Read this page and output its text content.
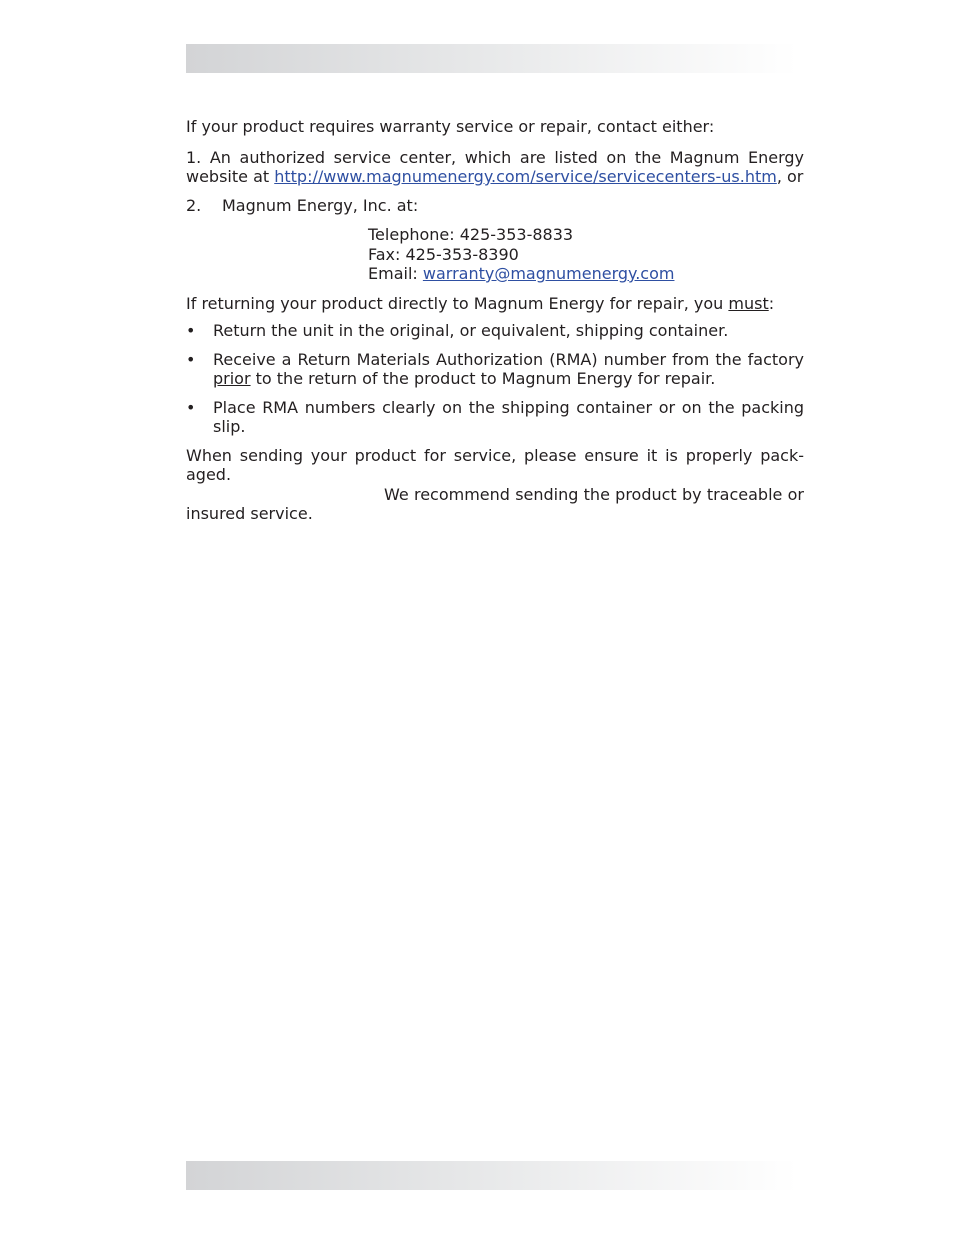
If your product requires warranty service or repair, contact either:

1. An authorized service center, which are listed on the Magnum Energy website at http://www.magnumenergy.com/service/servicecenters-us.htm, or

2. Magnum Energy, Inc. at:

Telephone: 425-353-8833

Fax: 425-353-8390

Email: warranty@magnumenergy.com

If returning your product directly to Magnum Energy for repair, you must:

• Return the unit in the original, or equivalent, shipping container.
• Receive a Return Materials Authorization (RMA) number from the factory prior to the return of the product to Magnum Energy for repair.
• Place RMA numbers clearly on the shipping container or on the packing slip.

When sending your product for service, please ensure it is properly pack-aged.

We recommend sending the product by traceable or

insured service.
